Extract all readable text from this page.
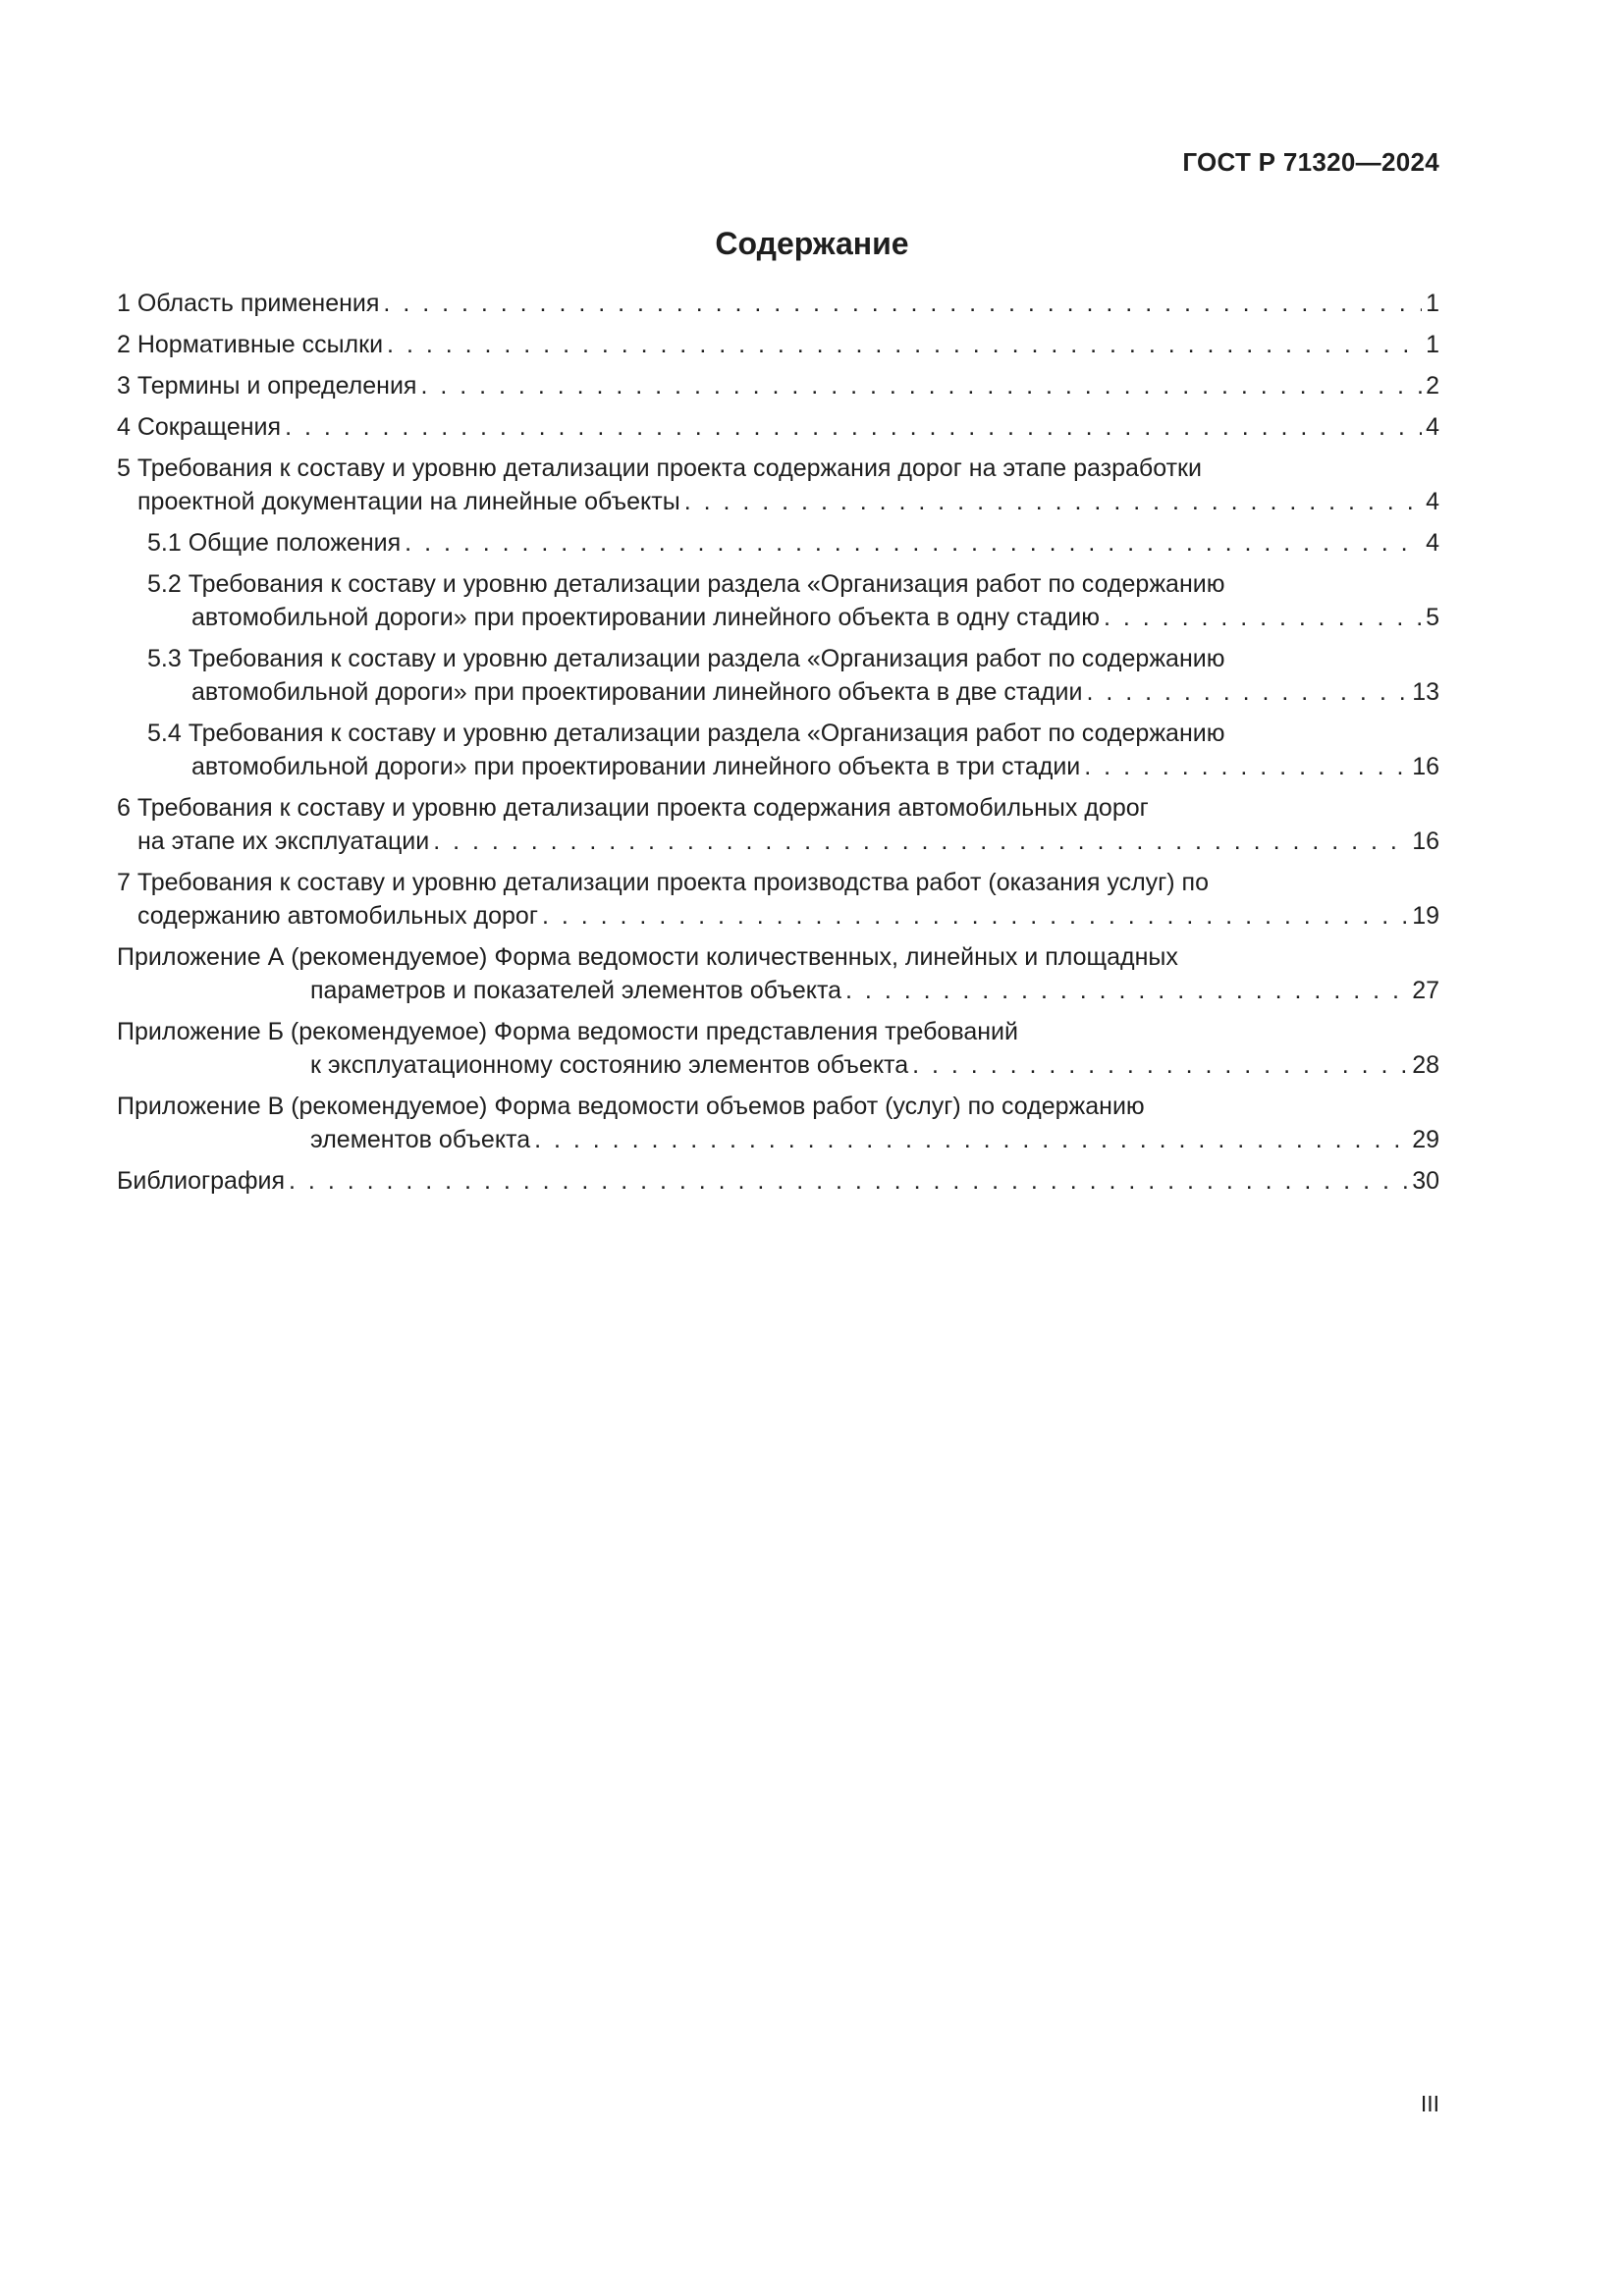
ГОСТ Р 71320—2024
Содержание
1 Область применения . . .	1
2 Нормативные ссылки . . .	1
3 Термины и определения . . .	2
4 Сокращения . . .	4
5 Требования к составу и уровню детализации проекта содержания дорог на этапе разработки
проектной документации на линейные объекты . . .	4
5.1 Общие положения . . .	4
5.2 Требования к составу и уровню детализации раздела «Организация работ по содержанию
автомобильной дороги» при проектировании линейного объекта в одну стадию . . .	5
5.3 Требования к составу и уровню детализации раздела «Организация работ по содержанию
автомобильной дороги» при проектировании линейного объекта в две стадии . . .	13
5.4 Требования к составу и уровню детализации раздела «Организация работ по содержанию
автомобильной дороги» при проектировании линейного объекта в три стадии . . .	16
6 Требования к составу и уровню детализации проекта содержания автомобильных дорог
на этапе их эксплуатации . . .	16
7 Требования к составу и уровню детализации проекта производства работ (оказания услуг) по
содержанию автомобильных дорог . . .	19
Приложение А (рекомендуемое) Форма ведомости количественных, линейных и площадных
параметров и показателей элементов объекта . . .	27
Приложение Б (рекомендуемое) Форма ведомости представления требований
к эксплуатационному состоянию элементов объекта . . .	28
Приложение В (рекомендуемое) Форма ведомости объемов работ (услуг) по содержанию
элементов объекта . . .	29
Библиография . . .	30
III
